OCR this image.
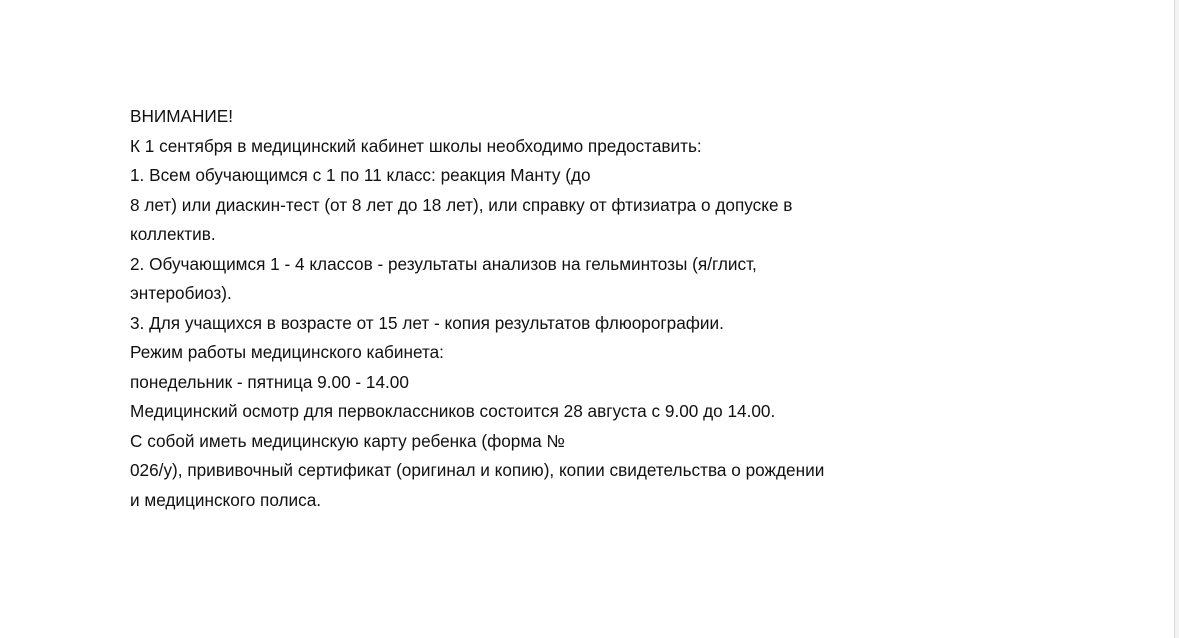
ВНИМАНИЕ!
К 1 сентября в медицинский кабинет школы необходимо предоставить:
1. Всем обучающимся с 1 по 11 класс: реакция Манту (до
8 лет) или диаскин-тест (от 8 лет до 18 лет), или справку от фтизиатра о допуске в
коллектив.
2. Обучающимся 1 - 4 классов - результаты анализов на гельминтозы (я/глист,
энтеробиоз).
3. Для учащихся в возрасте от 15 лет - копия результатов флюорографии.
Режим работы медицинского кабинета:
понедельник - пятница 9.00 - 14.00
Медицинский осмотр для первоклассников состоится 28 августа с 9.00 до 14.00.
С собой иметь медицинскую карту ребенка (форма №
026/у), прививочный сертификат (оригинал и копию), копии свидетельства о рождении
и медицинского полиса.
